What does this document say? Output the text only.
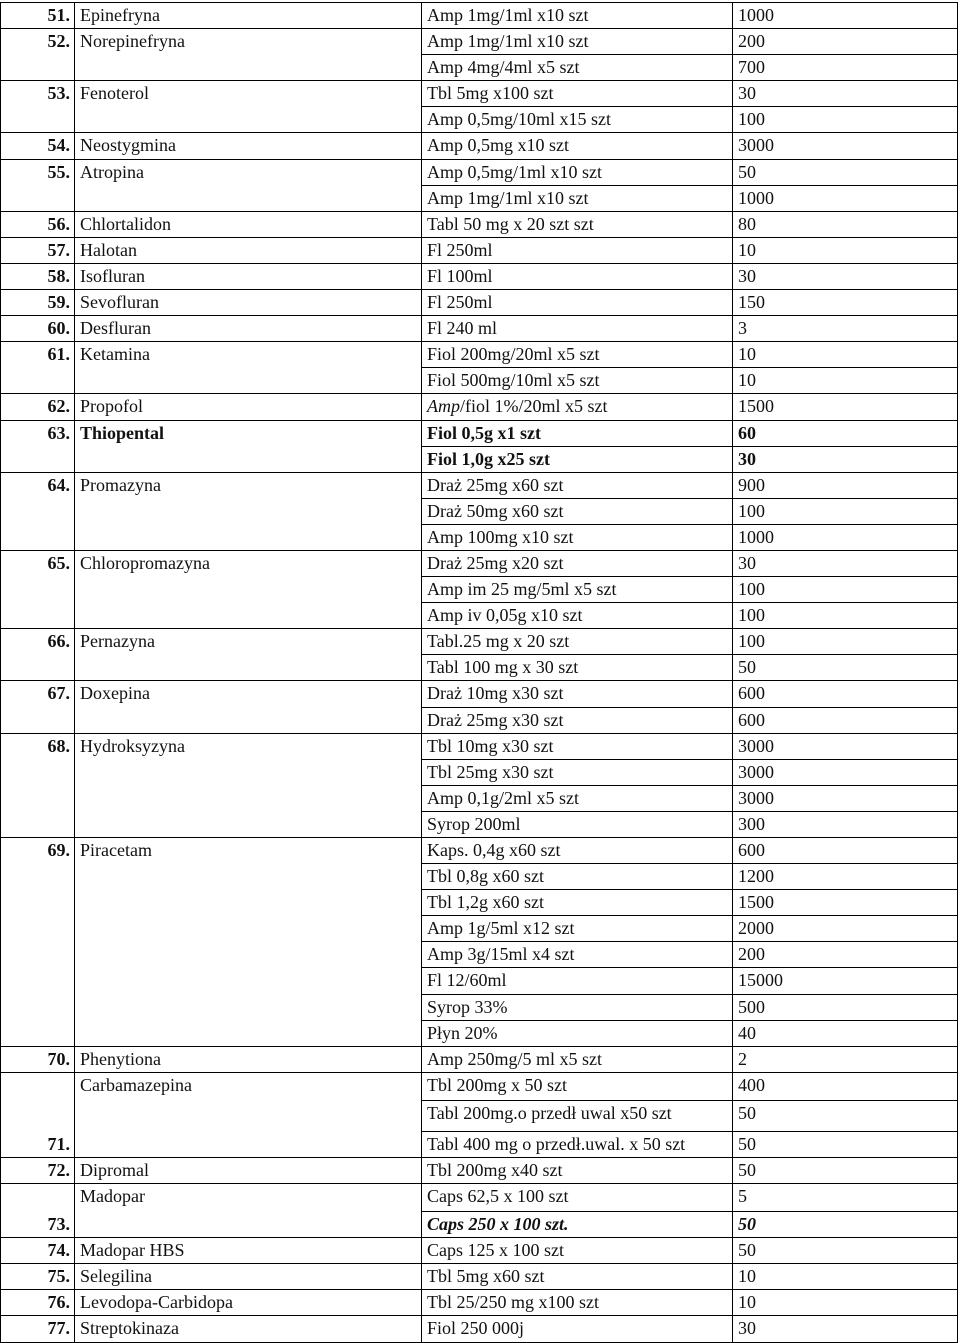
51.	Epinefryna	Amp 1mg/1ml x10 szt	1000
52.	Norepinefryna	Amp 1mg/1ml x10 szt	200
		Amp 4mg/4ml x5 szt	700
53.	Fenoterol	Tbl 5mg x100 szt	30
		Amp 0,5mg/10ml x15 szt	100
54.	Neostygmina	Amp 0,5mg x10 szt	3000
55.	Atropina	Amp 0,5mg/1ml x10 szt	50
		Amp 1mg/1ml x10 szt	1000
56.	Chlortalidon	Tabl 50 mg x 20 szt szt	80
57.	Halotan	Fl 250ml	10
58.	Isofluran	Fl 100ml	30
59.	Sevofluran	Fl 250ml	150
60.	Desfluran	Fl 240 ml	3
61.	Ketamina	Fiol 200mg/20ml x5 szt	10
		Fiol 500mg/10ml x5 szt	10
62.	Propofol	Amp/fiol 1%/20ml x5 szt	1500
63.	Thiopental	Fiol 0,5g x1 szt	60
		Fiol 1,0g x25 szt	30
64.	Promazyna	Draż 25mg x60 szt	900
		Draż 50mg x60 szt	100
		Amp 100mg x10 szt	1000
65.	Chloropromazyna	Draż 25mg x20 szt	30
		Amp im 25 mg/5ml x5 szt	100
		Amp iv 0,05g x10 szt	100
66.	Pernazyna	Tabl.25 mg x 20 szt	100
		Tabl 100 mg x 30 szt	50
67.	Doxepina	Draż 10mg x30 szt	600
		Draż 25mg x30 szt	600
68.	Hydroksyzyna	Tbl 10mg x30 szt	3000
		Tbl 25mg x30 szt	3000
		Amp 0,1g/2ml x5 szt	3000
		Syrop 200ml	300
69.	Piracetam	Kaps. 0,4g x60 szt	600
		Tbl 0,8g x60 szt	1200
		Tbl 1,2g x60 szt	1500
		Amp 1g/5ml x12 szt	2000
		Amp 3g/15ml x4 szt	200
		Fl 12/60ml	15000
		Syrop 33%	500
		Płyn 20%	40
70.	Phenytiona	Amp 250mg/5 ml x5 szt	2
	Carbamazepina	Tbl 200mg x 50 szt	400
		Tabl 200mg.o przedł uwal x50 szt	50
71.		Tabl 400 mg o przedł.uwal. x 50 szt	50
72.	Dipromal	Tbl 200mg x40 szt	50
	Madopar	Caps 62,5 x 100 szt	5
73.		Caps 250 x 100 szt.	50
74.	Madopar HBS	Caps 125 x 100 szt	50
75.	Selegilina	Tbl 5mg x60 szt	10
76.	Levodopa-Carbidopa	Tbl 25/250 mg x100 szt	10
77.	Streptokinaza	Fiol 250 000j	30
